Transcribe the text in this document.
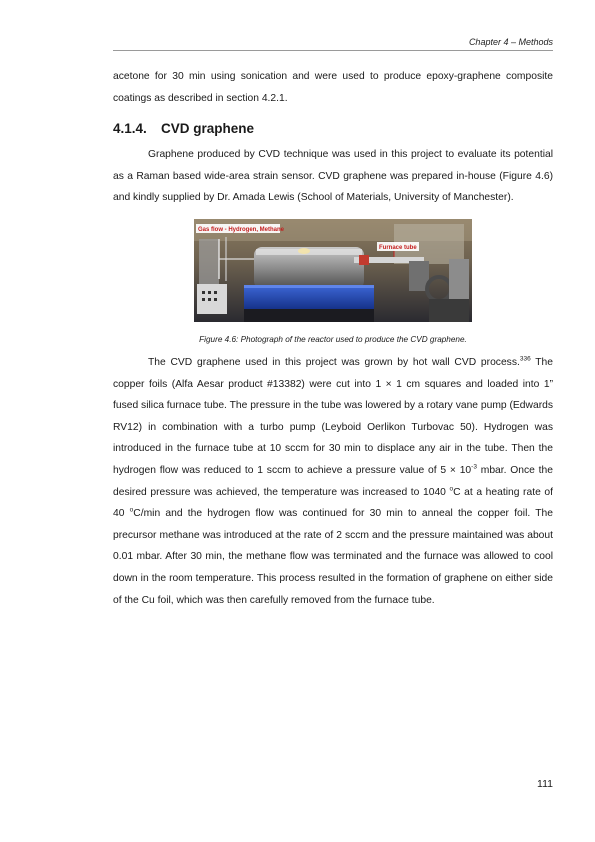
Chapter 4 – Methods

acetone for 30 min using sonication and were used to produce epoxy-graphene composite coatings as described in section 4.2.1.

4.1.4. CVD graphene

Graphene produced by CVD technique was used in this project to evaluate its potential as a Raman based wide-area strain sensor. CVD graphene was prepared in-house (Figure 4.6) and kindly supplied by Dr. Amada Lewis (School of Materials, University of Manchester).

Gas flow - Hydrogen, Methane
Furnace tube
Figure 4.6: Photograph of the reactor used to produce the CVD graphene.

The CVD graphene used in this project was grown by hot wall CVD process.$^{336}$ The copper foils (Alfa Aesar product #13382) were cut into 1 × 1 cm squares and loaded into 1” fused silica furnace tube. The pressure in the tube was lowered by a rotary vane pump (Edwards RV12) in combination with a turbo pump (Leyboid Oerlikon Turbovac 50). Hydrogen was introduced in the furnace tube at 10 sccm for 30 min to displace any air in the tube. Then the hydrogen flow was reduced to 1 sccm to achieve a pressure value of $5 \times 10^{-3}$ mbar. Once the desired pressure was achieved, the temperature was increased to 1040 $^o$C at a heating rate of 40 $^o$C/min and the hydrogen flow was continued for 30 min to anneal the copper foil. The precursor methane was introduced at the rate of 2 sccm and the pressure maintained was about 0.01 mbar. After 30 min, the methane flow was terminated and the furnace was allowed to cool down in the room temperature. This process resulted in the formation of graphene on either side of the Cu foil, which was then carefully removed from the furnace tube.

111
